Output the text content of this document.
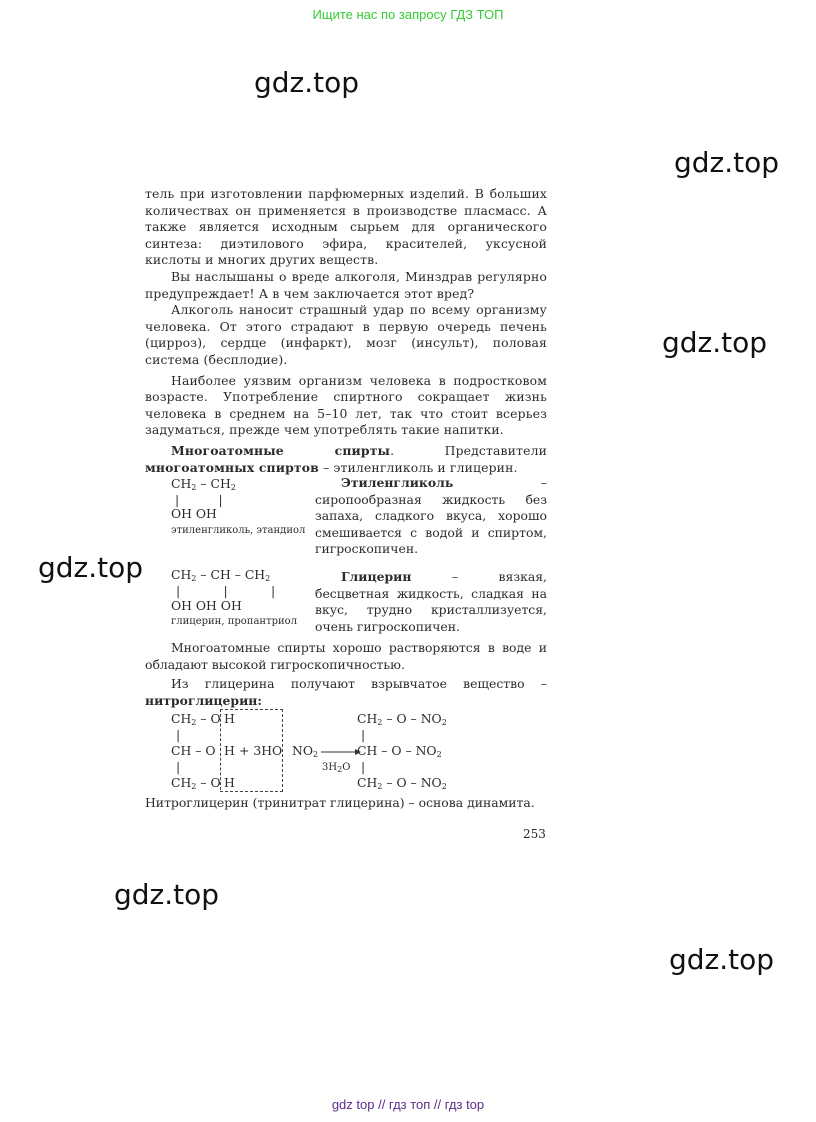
Ищите нас по запросу ГДЗ ТОП
gdz.top
gdz.top
gdz.top
gdz.top
gdz.top
gdz.top

тель при изготовлении парфюмерных изделий. В больших количествах он применяется в производстве пласмасс. А также является исходным сырьем для органического синтеза: диэтилового эфира, красителей, уксусной кислоты и многих других веществ.

Вы наслышаны о вреде алкоголя, Минздрав регулярно предупреждает! А в чем заключается этот вред?

Алкоголь наносит страшный удар по всему организму человека. От этого страдают в первую очередь печень (цирроз), сердце (инфаркт), мозг (инсульт), половая система (бесплодие).

Наиболее уязвим организм человека в подростковом возрасте. Употребление спиртного сокращает жизнь человека в среднем на 5–10 лет, так что стоит всерьез задуматься, прежде чем употреблять такие напитки.

Многоатомные спирты. Представители многоатомных спиртов – этиленгликоль и глицерин.

$CH_2 - CH_2$
|          |
OH OH
этиленгликоль, этандиол

Этиленгликоль – сиропообразная жидкость без запаха, сладкого вкуса, хорошо смешивается с водой и спиртом, гигроскопичен.

$CH_2$ – CH – $CH_2$
|           |           |
OH OH OH
глицерин, пропантриол

Глицерин – вязкая, бесцветная жидкость, сладкая на вкус, трудно кристаллизуется, очень гигроскопичен.

Многоатомные спирты хорошо растворяются в воде и обладают высокой гигроскопичностью.

Из глицерина получают взрывчатое вещество – нитроглицерин:

$CH_2$ – O H
|
CH – O H + 3HO
|
$CH_2$ – O H
$NO_2$ →
$3H_2O$
$CH_2$ – O – $NO_2$
|
CH – O – $NO_2$
|
$CH_2$ – O – $NO_2$
Нитроглицерин (тринитрат глицерина) – основа динамита.
253
gdz top // гдз топ // гдз top
